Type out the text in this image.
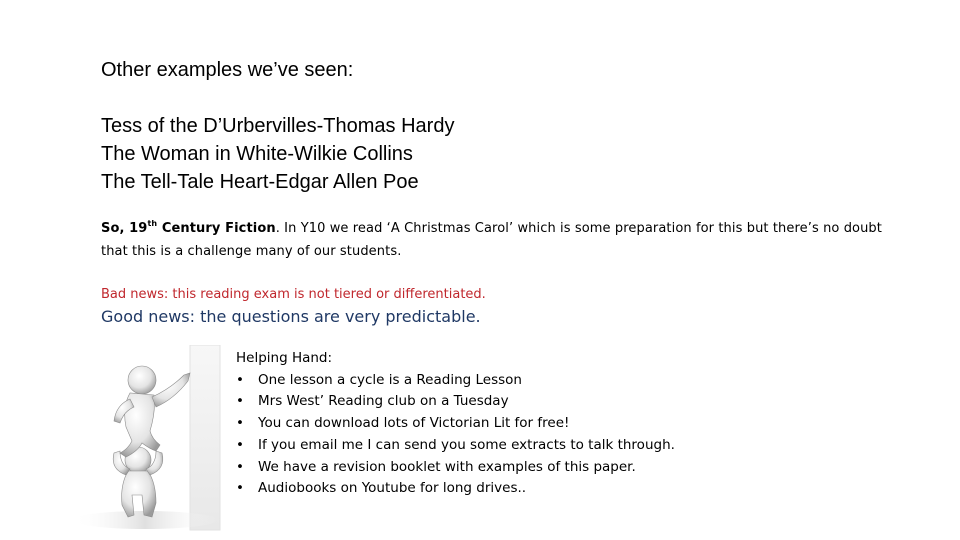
Other examples we’ve seen:
Tess of the D’Urbervilles-Thomas Hardy
The Woman in White-Wilkie Collins
The Tell-Tale Heart-Edgar Allen Poe
So, 19th Century Fiction. In Y10 we read ‘A Christmas Carol’ which is some preparation for this but there’s no doubt that this is a challenge many of our students.
Bad news: this reading exam is not tiered or differentiated.
Good news: the questions are very predictable.
Helping Hand:
• One lesson a cycle is a Reading Lesson
• Mrs West’ Reading club on a Tuesday
• You can download lots of Victorian Lit for free!
• If you email me I can send you some extracts to talk through.
• We have a revision booklet with examples of this paper.
• Audiobooks on Youtube for long drives..
